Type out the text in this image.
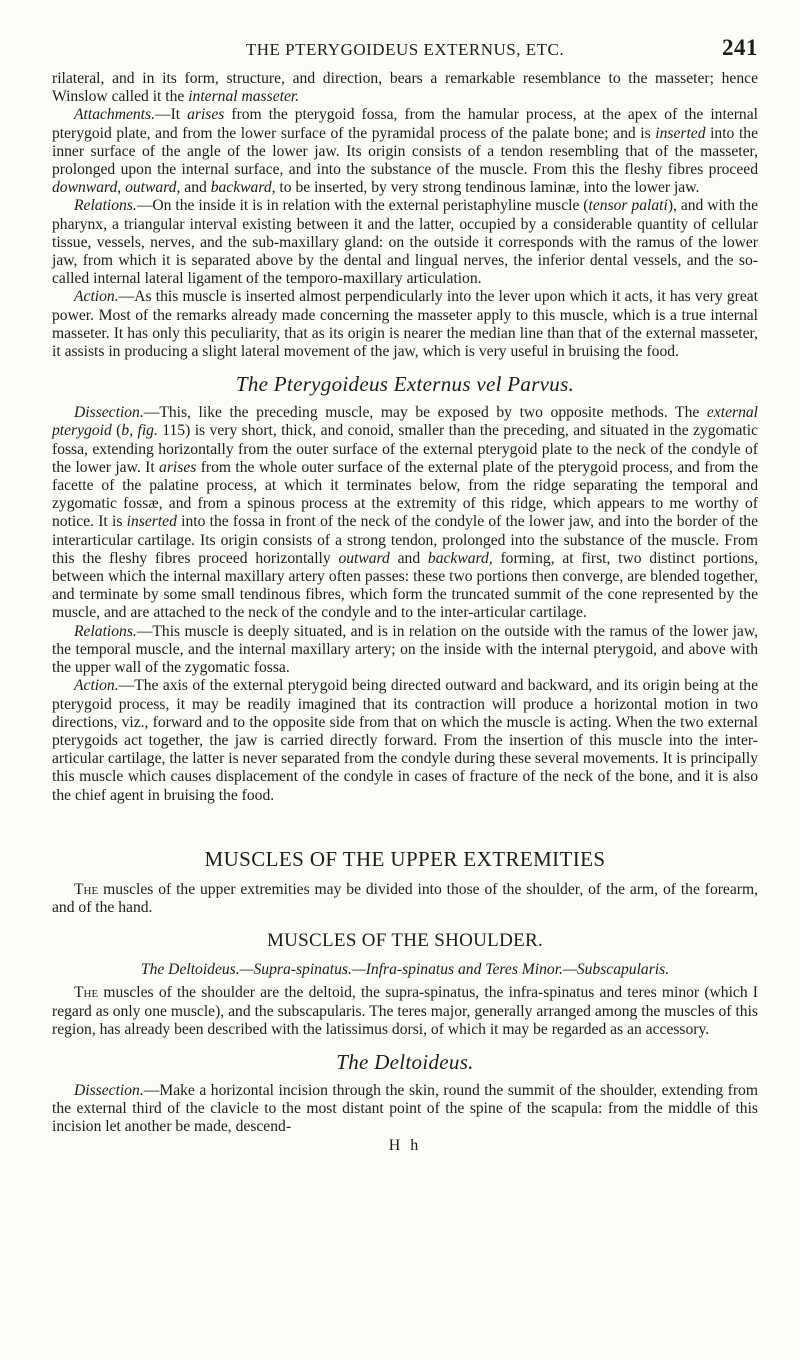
THE PTERYGOIDEUS EXTERNUS, ETC.	241

rilateral, and in its form, structure, and direction, bears a remarkable resemblance to the masseter; hence Winslow called it the internal masseter.

Attachments.—It arises from the pterygoid fossa, from the hamular process, at the apex of the internal pterygoid plate, and from the lower surface of the pyramidal process of the palate bone; and is inserted into the inner surface of the angle of the lower jaw. Its origin consists of a tendon resembling that of the masseter, prolonged upon the internal surface, and into the substance of the muscle. From this the fleshy fibres proceed downward, outward, and backward, to be inserted, by very strong tendinous laminæ, into the lower jaw.

Relations.—On the inside it is in relation with the external peristaphyline muscle (tensor palati), and with the pharynx, a triangular interval existing between it and the latter, occupied by a considerable quantity of cellular tissue, vessels, nerves, and the sub-maxillary gland: on the outside it corresponds with the ramus of the lower jaw, from which it is separated above by the dental and lingual nerves, the inferior dental vessels, and the so-called internal lateral ligament of the temporo-maxillary articulation.

Action.—As this muscle is inserted almost perpendicularly into the lever upon which it acts, it has very great power. Most of the remarks already made concerning the masseter apply to this muscle, which is a true internal masseter. It has only this peculiarity, that as its origin is nearer the median line than that of the external masseter, it assists in producing a slight lateral movement of the jaw, which is very useful in bruising the food.

The Pterygoideus Externus vel Parvus.

Dissection.—This, like the preceding muscle, may be exposed by two opposite methods. The external pterygoid (b, fig. 115) is very short, thick, and conoid, smaller than the preceding, and situated in the zygomatic fossa, extending horizontally from the outer surface of the external pterygoid plate to the neck of the condyle of the lower jaw. It arises from the whole outer surface of the external plate of the pterygoid process, and from the facette of the palatine process, at which it terminates below, from the ridge separating the temporal and zygomatic fossæ, and from a spinous process at the extremity of this ridge, which appears to me worthy of notice. It is inserted into the fossa in front of the neck of the condyle of the lower jaw, and into the border of the interarticular cartilage. Its origin consists of a strong tendon, prolonged into the substance of the muscle. From this the fleshy fibres proceed horizontally outward and backward, forming, at first, two distinct portions, between which the internal maxillary artery often passes: these two portions then converge, are blended together, and terminate by some small tendinous fibres, which form the truncated summit of the cone represented by the muscle, and are attached to the neck of the condyle and to the inter-articular cartilage.

Relations.—This muscle is deeply situated, and is in relation on the outside with the ramus of the lower jaw, the temporal muscle, and the internal maxillary artery; on the inside with the internal pterygoid, and above with the upper wall of the zygomatic fossa.

Action.—The axis of the external pterygoid being directed outward and backward, and its origin being at the pterygoid process, it may be readily imagined that its contraction will produce a horizontal motion in two directions, viz., forward and to the opposite side from that on which the muscle is acting. When the two external pterygoids act together, the jaw is carried directly forward. From the insertion of this muscle into the inter-articular cartilage, the latter is never separated from the condyle during these several movements. It is principally this muscle which causes displacement of the condyle in cases of fracture of the neck of the bone, and it is also the chief agent in bruising the food.

MUSCLES OF THE UPPER EXTREMITIES

The muscles of the upper extremities may be divided into those of the shoulder, of the arm, of the forearm, and of the hand.

MUSCLES OF THE SHOULDER.

The Deltoideus.—Supra-spinatus.—Infra-spinatus and Teres Minor.—Subscapularis.

The muscles of the shoulder are the deltoid, the supra-spinatus, the infra-spinatus and teres minor (which I regard as only one muscle), and the subscapularis. The teres major, generally arranged among the muscles of this region, has already been described with the latissimus dorsi, of which it may be regarded as an accessory.

The Deltoideus.

Dissection.—Make a horizontal incision through the skin, round the summit of the shoulder, extending from the external third of the clavicle to the most distant point of the spine of the scapula: from the middle of this incision let another be made, descend-

H h
